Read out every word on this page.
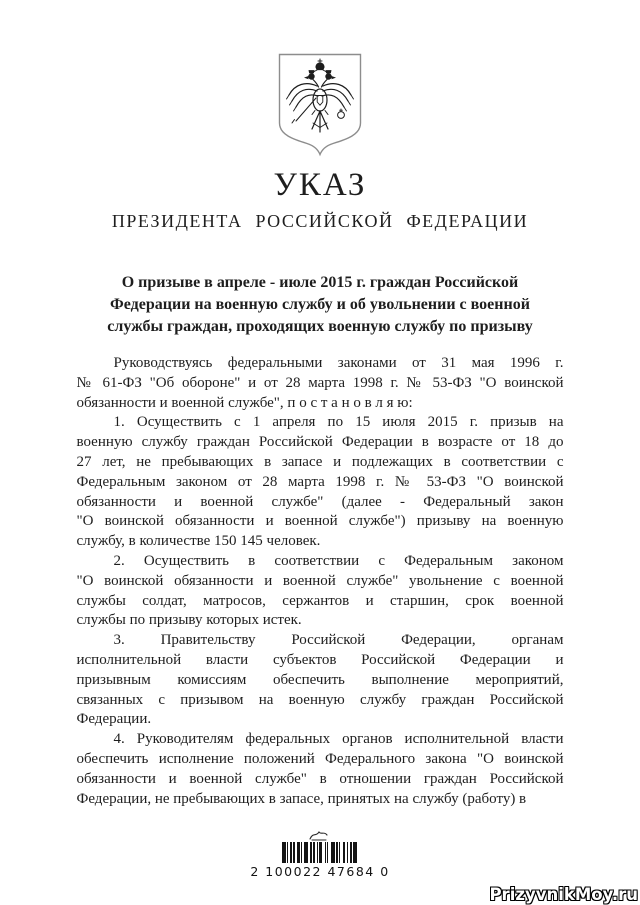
УКАЗ
ПРЕЗИДЕНТА РОССИЙСКОЙ ФЕДЕРАЦИИ
О призыве в апреле - июле 2015 г. граждан Российской
Федерации на военную службу и об увольнении с военной
службы граждан, проходящих военную службу по призыву
Руководствуясь федеральными законами от 31 мая 1996 г.
№ 61-ФЗ "Об обороне" и от 28 марта 1998 г. № 53-ФЗ "О воинской
обязанности и военной службе", п о с т а н о в л я ю:
1. Осуществить с 1 апреля по 15 июля 2015 г. призыв на
военную службу граждан Российской Федерации в возрасте от 18 до
27 лет, не пребывающих в запасе и подлежащих в соответствии с
Федеральным законом от 28 марта 1998 г. № 53-ФЗ "О воинской
обязанности и военной службе" (далее - Федеральный закон
"О воинской обязанности и военной службе") призыву на военную
службу, в количестве 150 145 человек.
2. Осуществить в соответствии с Федеральным законом
"О воинской обязанности и военной службе" увольнение с военной
службы солдат, матросов, сержантов и старшин, срок военной
службы по призыву которых истек.
3. Правительству Российской Федерации, органам
исполнительной власти субъектов Российской Федерации и
призывным комиссиям обеспечить выполнение мероприятий,
связанных с призывом на военную службу граждан Российской
Федерации.
4. Руководителям федеральных органов исполнительной власти
обеспечить исполнение положений Федерального закона "О воинской
обязанности и военной службе" в отношении граждан Российской
Федерации, не пребывающих в запасе, принятых на службу (работу) в
2 100022 47684 0
PrizyvnikMoy.ru
